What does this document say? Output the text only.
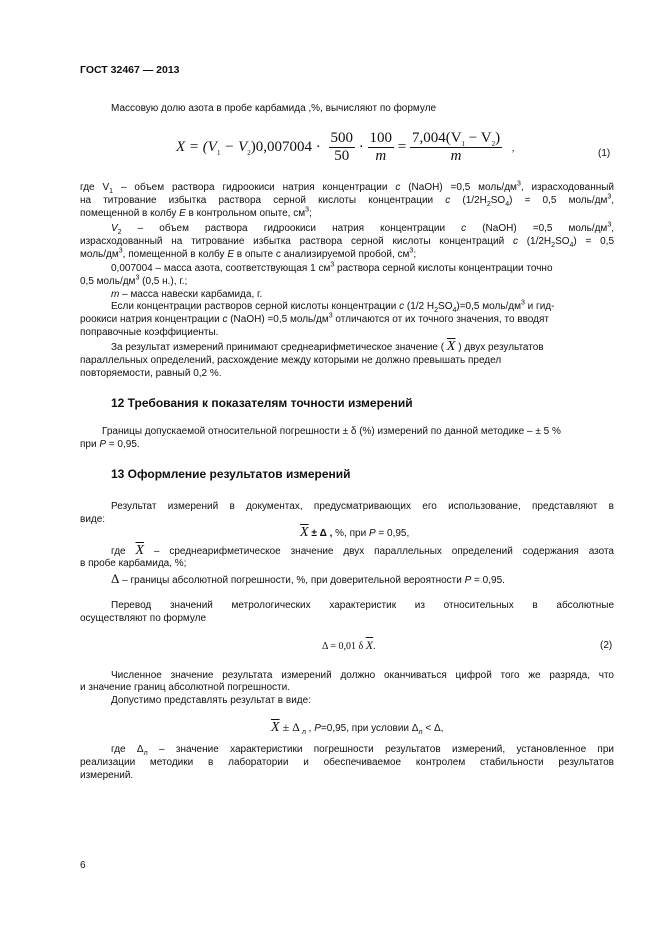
ГОСТ 32467 — 2013
Массовую долю азота в пробе карбамида ,%, вычисляют по формуле
$X = (V_1 - V_2)0,007004 \cdot \frac{500}{50} \cdot \frac{100}{m} = \frac{7,004(V_1 - V_2)}{m}$ ,	(1)
где $V_1$ – объем раствора гидроокиси натрия концентрации c (NaOH) =0,5 моль/$дм^3$, израсходованный
на титрование избытка раствора серной кислоты концентрации c $(1/2H_2SO_4) = 0,5$ моль/$дм^3$,
помещенной в колбу E в контрольном опыте, $см^3$;
$V_2$ – объем раствора гидроокиси натрия концентрации c (NaOH) =0,5 моль/$дм^3$,
израсходованный на титрование избытка раствора серной кислоты концентраций c $(1/2H_2SO_4) = 0,5$
моль/$дм^3$, помещенной в колбу E в опыте с анализируемой пробой, $см^3$;
0,007004 – масса азота, соответствующая 1 $см^3$ раствора серной кислоты концентрации точно
0,5 моль/$дм^3$ (0,5 н.), г.;
m – масса навески карбамида, г.
Если концентрации растворов серной кислоты концентрации c (1/2 $H_2SO_4)=0,5$ моль/$дм^3$ и гид-
роокиси натрия концентрации c (NaOH) =0,5 моль/$дм^3$ отличаются от их точного значения, то вводят
поправочные коэффициенты.
За результат измерений принимают среднеарифметическое значение ( $\overline{X}$ ) двух результатов
параллельных определений, расхождение между которыми не должно превышать предел
повторяемости, равный 0,2 %.
12 Требования к показателям точности измерений
Границы допускаемой относительной погрешности ± δ (%) измерений по данной методике – ± 5 %
при P = 0,95.
13 Оформление результатов измерений
Результат измерений в документах, предусматривающих его использование, представляют в
виде:
$\overline{X} \pm \Delta$ , %, при P = 0,95,
где $\overline{X}$ – среднеарифметическое значение двух параллельных определений содержания азота
в пробе карбамида, %;
Δ – границы абсолютной погрешности, %, при доверительной вероятности P = 0,95.
Перевод значений метрологических характеристик из относительных в абсолютные
осуществляют по формуле
Δ = 0,01 δ $\overline{X}$.	(2)
Численное значение результата измерений должно оканчиваться цифрой того же разряда, что
и значение границ абсолютной погрешности.
Допустимо представлять результат в виде:
$\overline{X} \pm \Delta$ $_л$ , P=0,95, при условии $\Delta_л < \Delta$,
где $\Delta_л$ – значение характеристики погрешности результатов измерений, установленное при
реализации методики в лаборатории и обеспечиваемое контролем стабильности результатов
измерений.
6
